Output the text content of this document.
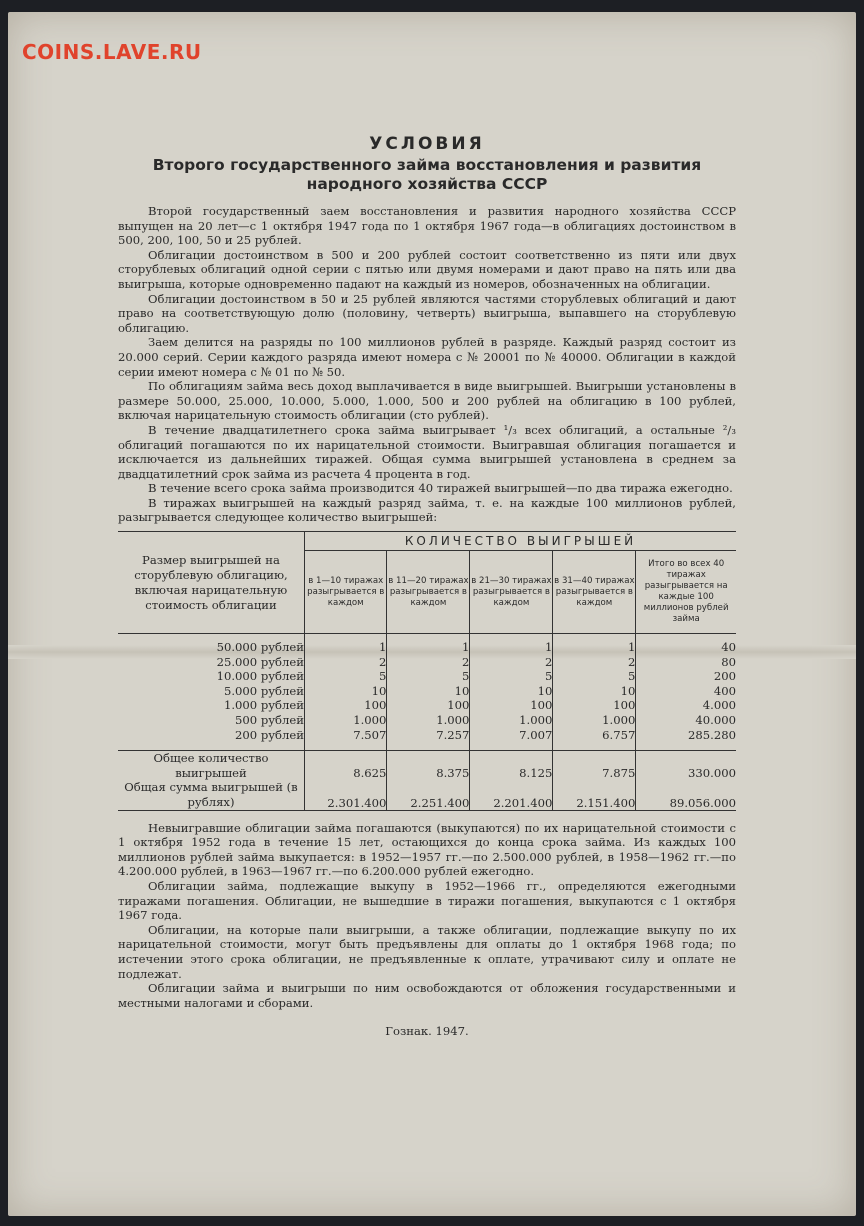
COINS.LAVE.RU
УСЛОВИЯ
Второго государственного займа восстановления и развития народного хозяйства СССР

Второй государственный заем восстановления и развития народного хозяйства СССР выпущен на 20 лет—с 1 октября 1947 года по 1 октября 1967 года—в облигациях достоинством в 500, 200, 100, 50 и 25 рублей.

Облигации достоинством в 500 и 200 рублей состоит соответственно из пяти или двух сторублевых облигаций одной серии с пятью или двумя номерами и дают право на пять или два выигрыша, которые одновременно падают на каждый из номеров, обозначенных на облигации.

Облигации достоинством в 50 и 25 рублей являются частями сторублевых облигаций и дают право на соответствующую долю (половину, четверть) выигрыша, выпавшего на сторублевую облигацию.

Заем делится на разряды по 100 миллионов рублей в разряде. Каждый разряд состоит из 20.000 серий. Серии каждого разряда имеют номера с № 20001 по № 40000. Облигации в каждой серии имеют номера с № 01 по № 50.

По облигациям займа весь доход выплачивается в виде выигрышей. Выигрыши установлены в размере 50.000, 25.000, 10.000, 5.000, 1.000, 500 и 200 рублей на облигацию в 100 рублей, включая нарицательную стоимость облигации (сто рублей).

В течение двадцатилетнего срока займа выигрывает ¹/₃ всех облигаций, а остальные ²/₃ облигаций погашаются по их нарицательной стоимости. Выигравшая облигация погашается и исключается из дальнейших тиражей. Общая сумма выигрышей установлена в среднем за двадцатилетний срок займа из расчета 4 процента в год.

В течение всего срока займа производится 40 тиражей выигрышей—по два тиража ежегодно.

В тиражах выигрышей на каждый разряд займа, т. е. на каждые 100 миллионов рублей, разыгрывается следующее количество выигрышей:

Размер выигрышей на сторублевую облигацию, включая нарицательную стоимость облигации	КОЛИЧЕСТВО ВЫИГРЫШЕЙ				
	в 1—10 тиражах разыгрывается в каждом	в 11—20 тиражах разыгрывается в каждом	в 21—30 тиражах разыгрывается в каждом	в 31—40 тиражах разыгрывается в каждом	Итого во всех 40 тиражах разыгрывается на каждые 100 миллионов рублей займа
50.000 рублей	1	1	1	1	40
25.000 рублей	2	2	2	2	80
10.000 рублей	5	5	5	5	200
5.000 рублей	10	10	10	10	400
1.000 рублей	100	100	100	100	4.000
500 рублей	1.000	1.000	1.000	1.000	40.000
200 рублей	7.507	7.257	7.007	6.757	285.280
Общее количество выигрышей	8.625	8.375	8.125	7.875	330.000
Общая сумма выигрышей (в рублях)	2.301.400	2.251.400	2.201.400	2.151.400	89.056.000

Невыигравшие облигации займа погашаются (выкупаются) по их нарицательной стоимости с 1 октября 1952 года в течение 15 лет, остающихся до конца срока займа. Из каждых 100 миллионов рублей займа выкупается: в 1952—1957 гг.—по 2.500.000 рублей, в 1958—1962 гг.—по 4.200.000 рублей, в 1963—1967 гг.—по 6.200.000 рублей ежегодно.

Облигации займа, подлежащие выкупу в 1952—1966 гг., определяются ежегодными тиражами погашения. Облигации, не вышедшие в тиражи погашения, выкупаются с 1 октября 1967 года.

Облигации, на которые пали выигрыши, а также облигации, подлежащие выкупу по их нарицательной стоимости, могут быть предъявлены для оплаты до 1 октября 1968 года; по истечении этого срока облигации, не предъявленные к оплате, утрачивают силу и оплате не подлежат.

Облигации займа и выигрыши по ним освобождаются от обложения государственными и местными налогами и сборами.

Гознак. 1947.
